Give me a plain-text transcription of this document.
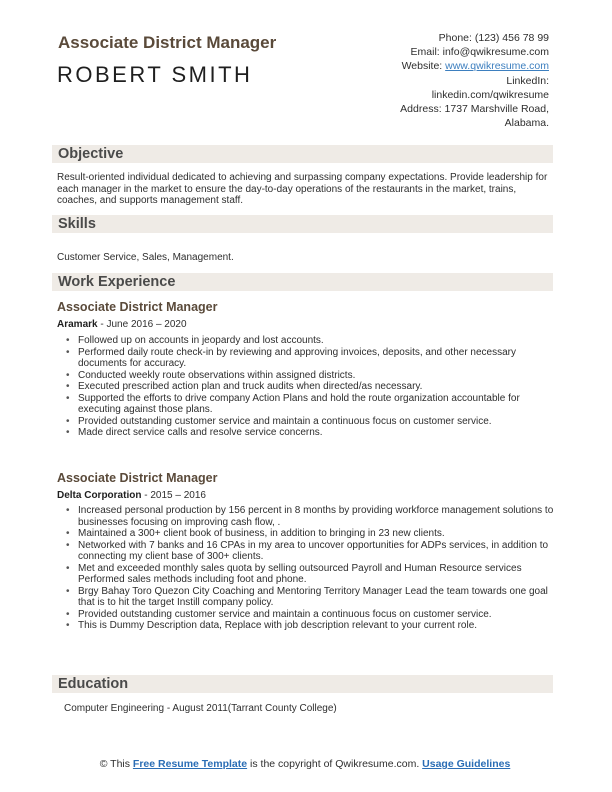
Associate District Manager
ROBERT SMITH
Phone: (123) 456 78 99
Email: info@qwikresume.com
Website: www.qwikresume.com
LinkedIn:
linkedin.com/qwikresume
Address: 1737 Marshville Road,
Alabama.
Objective
Result-oriented individual dedicated to achieving and surpassing company expectations. Provide leadership for each manager in the market to ensure the day-to-day operations of the restaurants in the market, trains, coaches, and supports management staff.
Skills
Customer Service, Sales, Management.
Work Experience
Associate District Manager
Aramark - June 2016 – 2020
• Followed up on accounts in jeopardy and lost accounts.
• Performed daily route check-in by reviewing and approving invoices, deposits, and other necessary documents for accuracy.
• Conducted weekly route observations within assigned districts.
• Executed prescribed action plan and truck audits when directed/as necessary.
• Supported the efforts to drive company Action Plans and hold the route organization accountable for executing against those plans.
• Provided outstanding customer service and maintain a continuous focus on customer service.
• Made direct service calls and resolve service concerns.
Associate District Manager
Delta Corporation - 2015 – 2016
• Increased personal production by 156 percent in 8 months by providing workforce management solutions to businesses focusing on improving cash flow, .
• Maintained a 300+ client book of business, in addition to bringing in 23 new clients.
• Networked with 7 banks and 16 CPAs in my area to uncover opportunities for ADPs services, in addition to connecting my client base of 300+ clients.
• Met and exceeded monthly sales quota by selling outsourced Payroll and Human Resource services Performed sales methods including foot and phone.
• Brgy Bahay Toro Quezon City Coaching and Mentoring Territory Manager Lead the team towards one goal that is to hit the target Instill company policy.
• Provided outstanding customer service and maintain a continuous focus on customer service.
• This is Dummy Description data, Replace with job description relevant to your current role.
Education
Computer Engineering - August 2011(Tarrant County College)
© This Free Resume Template is the copyright of Qwikresume.com. Usage Guidelines
